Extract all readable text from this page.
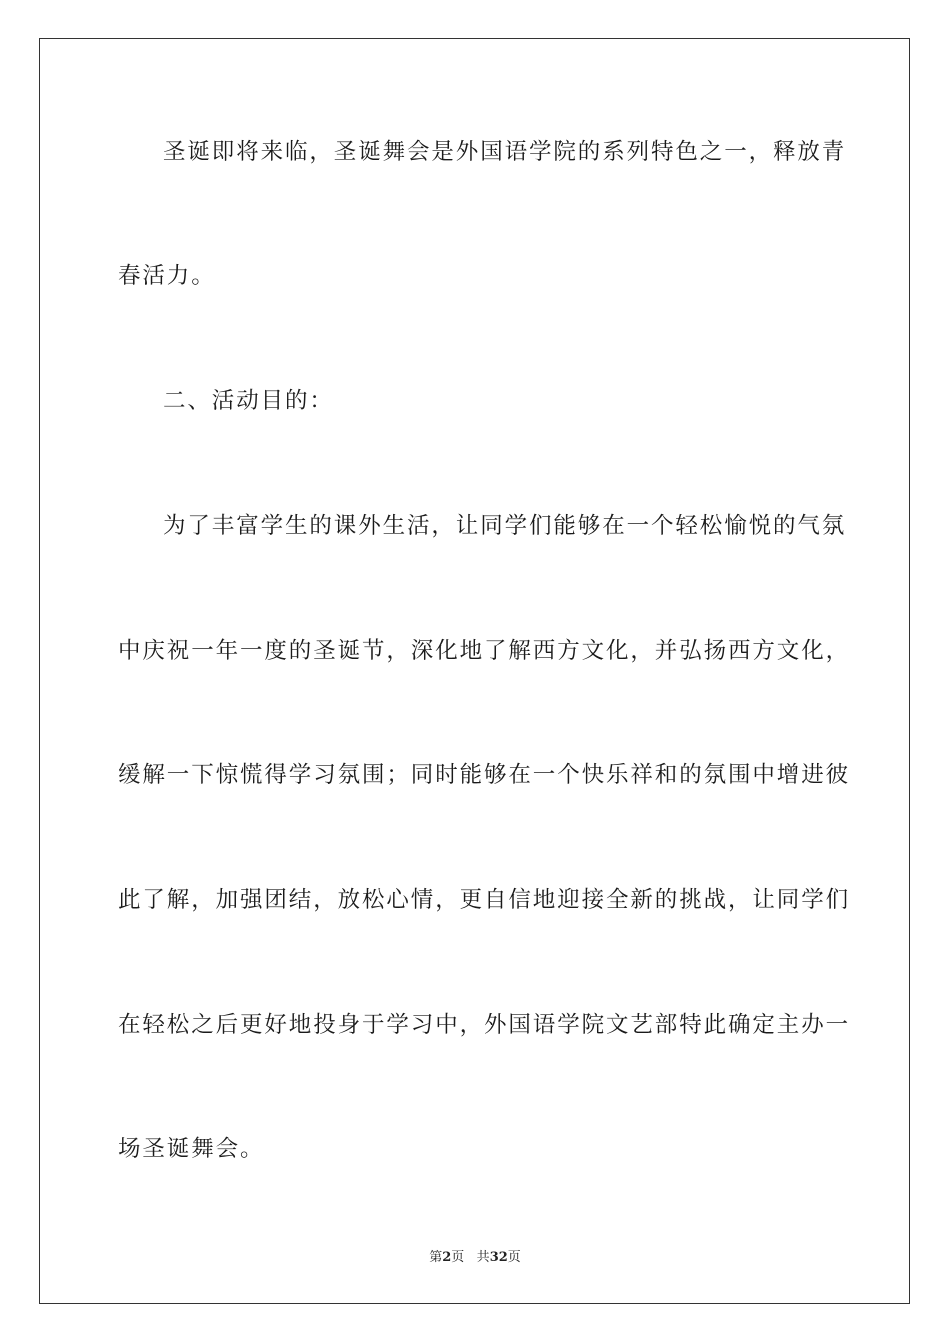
圣诞即将来临，圣诞舞会是外国语学院的系列特色之一，释放青
春活力。
二、活动目的：
为了丰富学生的课外生活，让同学们能够在一个轻松愉悦的气氛
中庆祝一年一度的圣诞节，深化地了解西方文化，并弘扬西方文化，
缓解一下惊慌得学习氛围；同时能够在一个快乐祥和的氛围中增进彼
此了解，加强团结，放松心情，更自信地迎接全新的挑战，让同学们
在轻松之后更好地投身于学习中，外国语学院文艺部特此确定主办一
场圣诞舞会。
第2页 共32页
